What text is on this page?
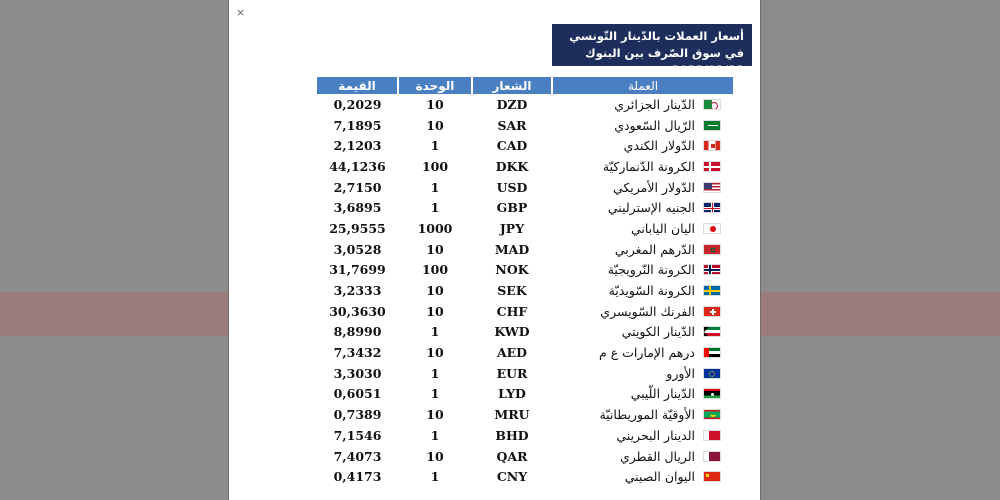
×
أسعار العملات بالدّينار التّونسي
في سوق الصّرف بين البنوك 2021/01/13
العملة	الشعار	الوحدة	القيمة

الدّينار الجزائري	DZD	10	0,2029

الرّيال السّعودي	SAR	10	7,1895

الدّولار الكندي	CAD	1	2,1203

الكرونة الدّنماركيّة	DKK	100	44,1236

الدّولار الأمريكي	USD	1	2,7150

الجنيه الإسترليني	GBP	1	3,6895

اليان الياباني	JPY	1000	25,9555

الدّرهم المغربي	MAD	10	3,0528

الكرونة النّرويجيّة	NOK	100	31,7699

الكرونة السّويديّة	SEK	10	3,2333

الفرنك السّويسري	CHF	10	30,3630

الدّينار الكويتي	KWD	1	8,8990

درهم الإمارات ع م	AED	10	7,3432

الأورو	EUR	1	3,3030

الدّينار اللّيبي	LYD	1	0,6051

الأوقيّة الموريطانيّة	MRU	10	0,7389

الدينار البحريني	BHD	1	7,1546

الريال القطري	QAR	10	7,4073

اليوان الصيني	CNY	1	0,4173
